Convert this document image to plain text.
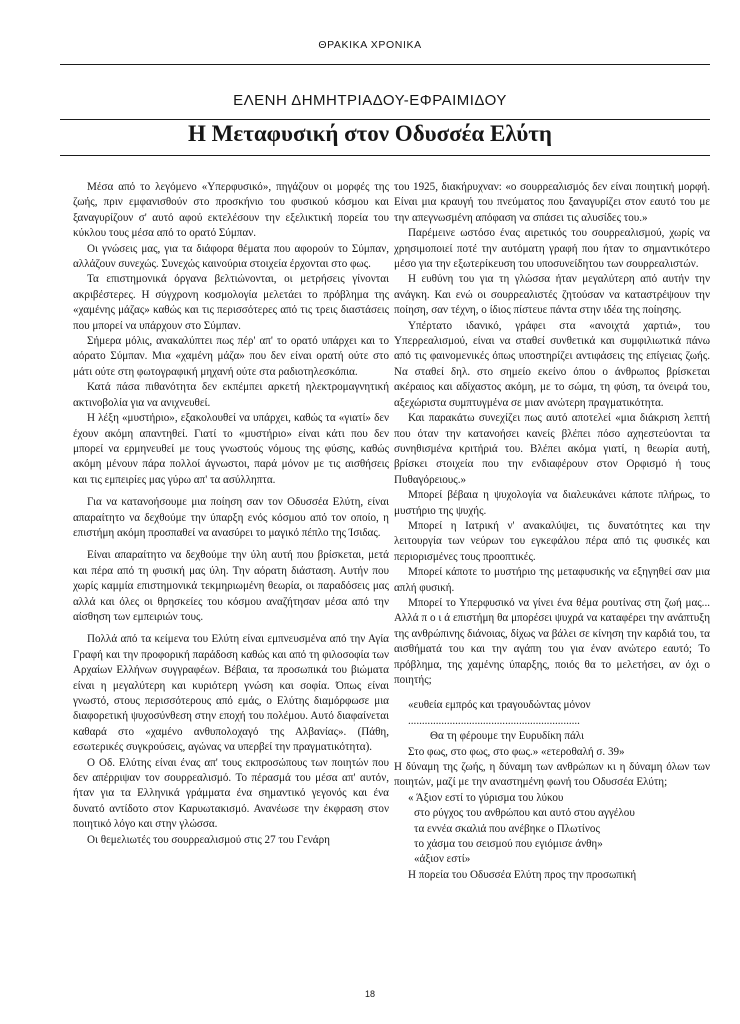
ΘΡΑΚΙΚΑ ΧΡΟΝΙΚΑ
ΕΛΕΝΗ ΔΗΜΗΤΡΙΑΔΟΥ-ΕΦΡΑΙΜΙΔΟΥ
Η Μεταφυσική στον Οδυσσέα Ελύτη

Μέσα από το λεγόμενο «Υπερφυσικό», πηγάζουν οι μορφές της ζωής, πριν εμφανισθούν στο προσκήνιο του φυσικού κόσμου και ξαναγυρίζουν σ' αυτό αφού εκτελέσουν την εξελικτική πορεία του κύκλου τους μέσα από το ορατό Σύμπαν.

Οι γνώσεις μας, για τα διάφορα θέματα που αφορούν το Σύμπαν, αλλάζουν συνεχώς. Συνεχώς καινούρια στοιχεία έρχονται στο φως.

Τα επιστημονικά όργανα βελτιώνονται, οι μετρήσεις γίνονται ακριβέστερες. Η σύγχρονη κοσμολογία μελετάει το πρόβλημα της «χαμένης μάζας» καθώς και τις περισσότερες από τις τρεις διαστάσεις που μπορεί να υπάρχουν στο Σύμπαν.

Σήμερα μόλις, ανακαλύπτει πως πέρ' απ' το ορατό υπάρχει και το αόρατο Σύμπαν. Μια «χαμένη μάζα» που δεν είναι ορατή ούτε στο μάτι ούτε στη φωτογραφική μηχανή ούτε στα ραδιοτηλεσκόπια.

Κατά πάσα πιθανότητα δεν εκπέμπει αρκετή ηλεκτρομαγνητική ακτινοβολία για να ανιχνευθεί.

Η λέξη «μυστήριο», εξακολουθεί να υπάρχει, καθώς τα «γιατί» δεν έχουν ακόμη απαντηθεί. Γιατί το «μυστήριο» είναι κάτι που δεν μπορεί να ερμηνευθεί με τους γνωστούς νόμους της φύσης, καθώς ακόμη μένουν πάρα πολλοί άγνωστοι, παρά μόνον με τις αισθήσεις και τις εμπειρίες μας γύρω απ' τα ασύλληπτα.

Για να κατανοήσουμε μια ποίηση σαν τον Οδυσσέα Ελύτη, είναι απαραίτητο να δεχθούμε την ύπαρξη ενός κόσμου από τον οποίο, η επιστήμη ακόμη προσπαθεί να ανασύρει το μαγικό πέπλο της Ίσιδας.

Είναι απαραίτητο να δεχθούμε την ύλη αυτή που βρίσκεται, μετά και πέρα από τη φυσική μας ύλη. Την αόρατη διάσταση. Αυτήν που χωρίς καμμία επιστημονικά τεκμηριωμένη θεωρία, οι παραδόσεις μας αλλά και όλες οι θρησκείες του κόσμου αναζήτησαν μέσα από την αίσθηση των εμπειριών τους.

Πολλά από τα κείμενα του Ελύτη είναι εμπνευσμένα από την Αγία Γραφή και την προφορική παράδοση καθώς και από τη φιλοσοφία των Αρχαίων Ελλήνων συγγραφέων. Βέβαια, τα προσωπικά του βιώματα είναι η μεγαλύτερη και κυριότερη γνώση και σοφία. Όπως είναι γνωστό, στους περισσότερους από εμάς, ο Ελύτης διαμόρφωσε μια διαφορετική ψυχοσύνθεση στην εποχή του πολέμου. Αυτό διαφαίνεται καθαρά στο «χαμένο ανθυπολοχαγό της Αλβανίας». (Πάθη, εσωτερικές συγκρούσεις, αγώνας να υπερβεί την πραγματικότητα).

Ο Οδ. Ελύτης είναι ένας απ' τους εκπροσώπους των ποιητών που δεν απέρριψαν τον σουρρεαλισμό. Το πέρασμά του μέσα απ' αυτόν, ήταν για τα Ελληνικά γράμματα ένα σημαντικό γεγονός και ένα δυνατό αντίδοτο στον Καρυωτακισμό. Ανανέωσε την έκφραση στον ποιητικό λόγο και στην γλώσσα.

Οι θεμελιωτές του σουρρεαλισμού στις 27 του Γενάρη

του 1925, διακήρυχναν: «ο σουρρεαλισμός δεν είναι ποιητική μορφή. Είναι μια κραυγή του πνεύματος που ξαναγυρίζει στον εαυτό του με την απεγνωσμένη απόφαση να σπάσει τις αλυσίδες του.»

Παρέμεινε ωστόσο ένας αιρετικός του σουρρεαλισμού, χωρίς να χρησιμοποιεί ποτέ την αυτόματη γραφή που ήταν το σημαντικότερο μέσο για την εξωτερίκευση του υποσυνείδητου των σουρρεαλιστών.

Η ευθύνη του για τη γλώσσα ήταν μεγαλύτερη από αυτήν την ανάγκη. Και ενώ οι σουρρεαλιστές ζητούσαν να καταστρέψουν την ποίηση, σαν τέχνη, ο ίδιος πίστευε πάντα στην ιδέα της ποίησης.

Υπέρτατο ιδανικό, γράφει στα «ανοιχτά χαρτιά», του Υπερρεαλισμού, είναι να σταθεί συνθετικά και συμφιλιωτικά πάνω από τις φαινομενικές όπως υποστηρίζει αντιφάσεις της επίγειας ζωής. Να σταθεί δηλ. στο σημείο εκείνο όπου ο άνθρωπος βρίσκεται ακέραιος και αδίχαστος ακόμη, με το σώμα, τη φύση, τα όνειρά του, αξεχώριστα συμπτυγμένα σε μιαν ανώτερη πραγματικότητα.

Και παρακάτω συνεχίζει πως αυτό αποτελεί «μια διάκριση λεπτή που όταν την κατανοήσει κανείς βλέπει πόσο αχηεστεύονται τα συνηθισμένα κριτήριά του. Βλέπει ακόμα γιατί, η θεωρία αυτή, βρίσκει στοιχεία που την ενδιαφέρουν στον Ορφισμό ή τους Πυθαγόρειους.»

Μπορεί βέβαια η ψυχολογία να διαλευκάνει κάποτε πλήρως, το μυστήριο της ψυχής.

Μπορεί η Ιατρική ν' ανακαλύψει, τις δυνατότητες και την λειτουργία των νεύρων του εγκεφάλου πέρα από τις φυσικές και περιορισμένες τους προοπτικές.

Μπορεί κάποτε το μυστήριο της μεταφυσικής να εξηγηθεί σαν μια απλή φυσική.

Μπορεί το Υπερφυσικό να γίνει ένα θέμα ρουτίνας στη ζωή μας... Αλλά π ο ι ά επιστήμη θα μπορέσει ψυχρά να καταφέρει την ανάπτυξη της ανθρώπινης διάνοιας, δίχως να βάλει σε κίνηση την καρδιά του, τα αισθήματά του και την αγάπη του για έναν ανώτερο εαυτό; Το πρόβλημα, της χαμένης ύπαρξης, ποιός θα το μελετήσει, αν όχι ο ποιητής;

«ευθεία εμπρός και τραγουδώντας μόνον
..............................................................
Θα τη φέρουμε την Ευρυδίκη πάλι
Στο φως, στο φως, στο φως.» «ετεροθαλή σ. 39»

Η δύναμη της ζωής, η δύναμη των ανθρώπων κι η δύναμη όλων των ποιητών, μαζί με την αναστημένη φωνή του Οδυσσέα Ελύτη;

« Άξιον εστί το γύρισμα του λύκου
στο ρύγχος του ανθρώπου και αυτό στου αγγέλου
τα εννέα σκαλιά που ανέβηκε ο Πλωτίνος
το χάσμα του σεισμού που εγιόμισε άνθη»
«άξιον εστί»

Η πορεία του Οδυσσέα Ελύτη προς την προσωπική

18
